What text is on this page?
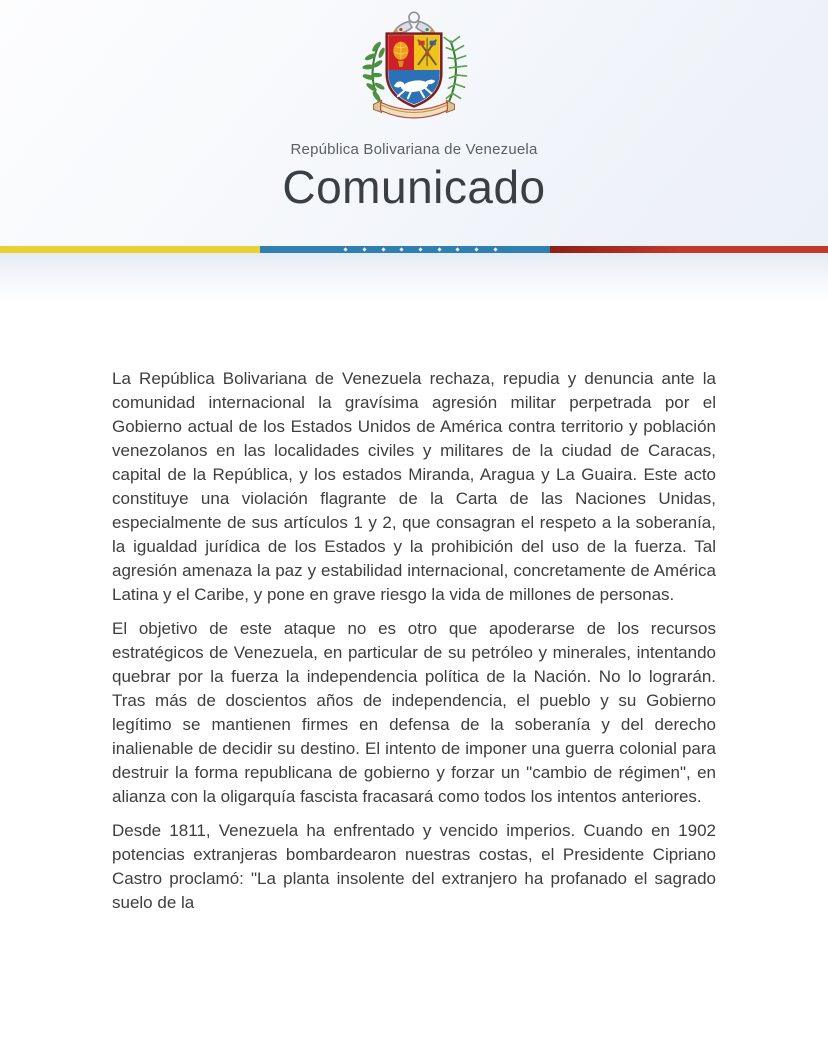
República Bolivariana de Venezuela
Comunicado

La República Bolivariana de Venezuela rechaza, repudia y denuncia ante la comunidad internacional la gravísima agresión militar perpetrada por el Gobierno actual de los Estados Unidos de América contra territorio y población venezolanos en las localidades civiles y militares de la ciudad de Caracas, capital de la República, y los estados Miranda, Aragua y La Guaira. Este acto constituye una violación flagrante de la Carta de las Naciones Unidas, especialmente de sus artículos 1 y 2, que consagran el respeto a la soberanía, la igualdad jurídica de los Estados y la prohibición del uso de la fuerza. Tal agresión amenaza la paz y estabilidad internacional, concretamente de América Latina y el Caribe, y pone en grave riesgo la vida de millones de personas.

El objetivo de este ataque no es otro que apoderarse de los recursos estratégicos de Venezuela, en particular de su petróleo y minerales, intentando quebrar por la fuerza la independencia política de la Nación. No lo lograrán. Tras más de doscientos años de independencia, el pueblo y su Gobierno legítimo se mantienen firmes en defensa de la soberanía y del derecho inalienable de decidir su destino. El intento de imponer una guerra colonial para destruir la forma republicana de gobierno y forzar un "cambio de régimen", en alianza con la oligarquía fascista fracasará como todos los intentos anteriores.

Desde 1811, Venezuela ha enfrentado y vencido imperios. Cuando en 1902 potencias extranjeras bombardearon nuestras costas, el Presidente Cipriano Castro proclamó: "La planta insolente del extranjero ha profanado el sagrado suelo de la
